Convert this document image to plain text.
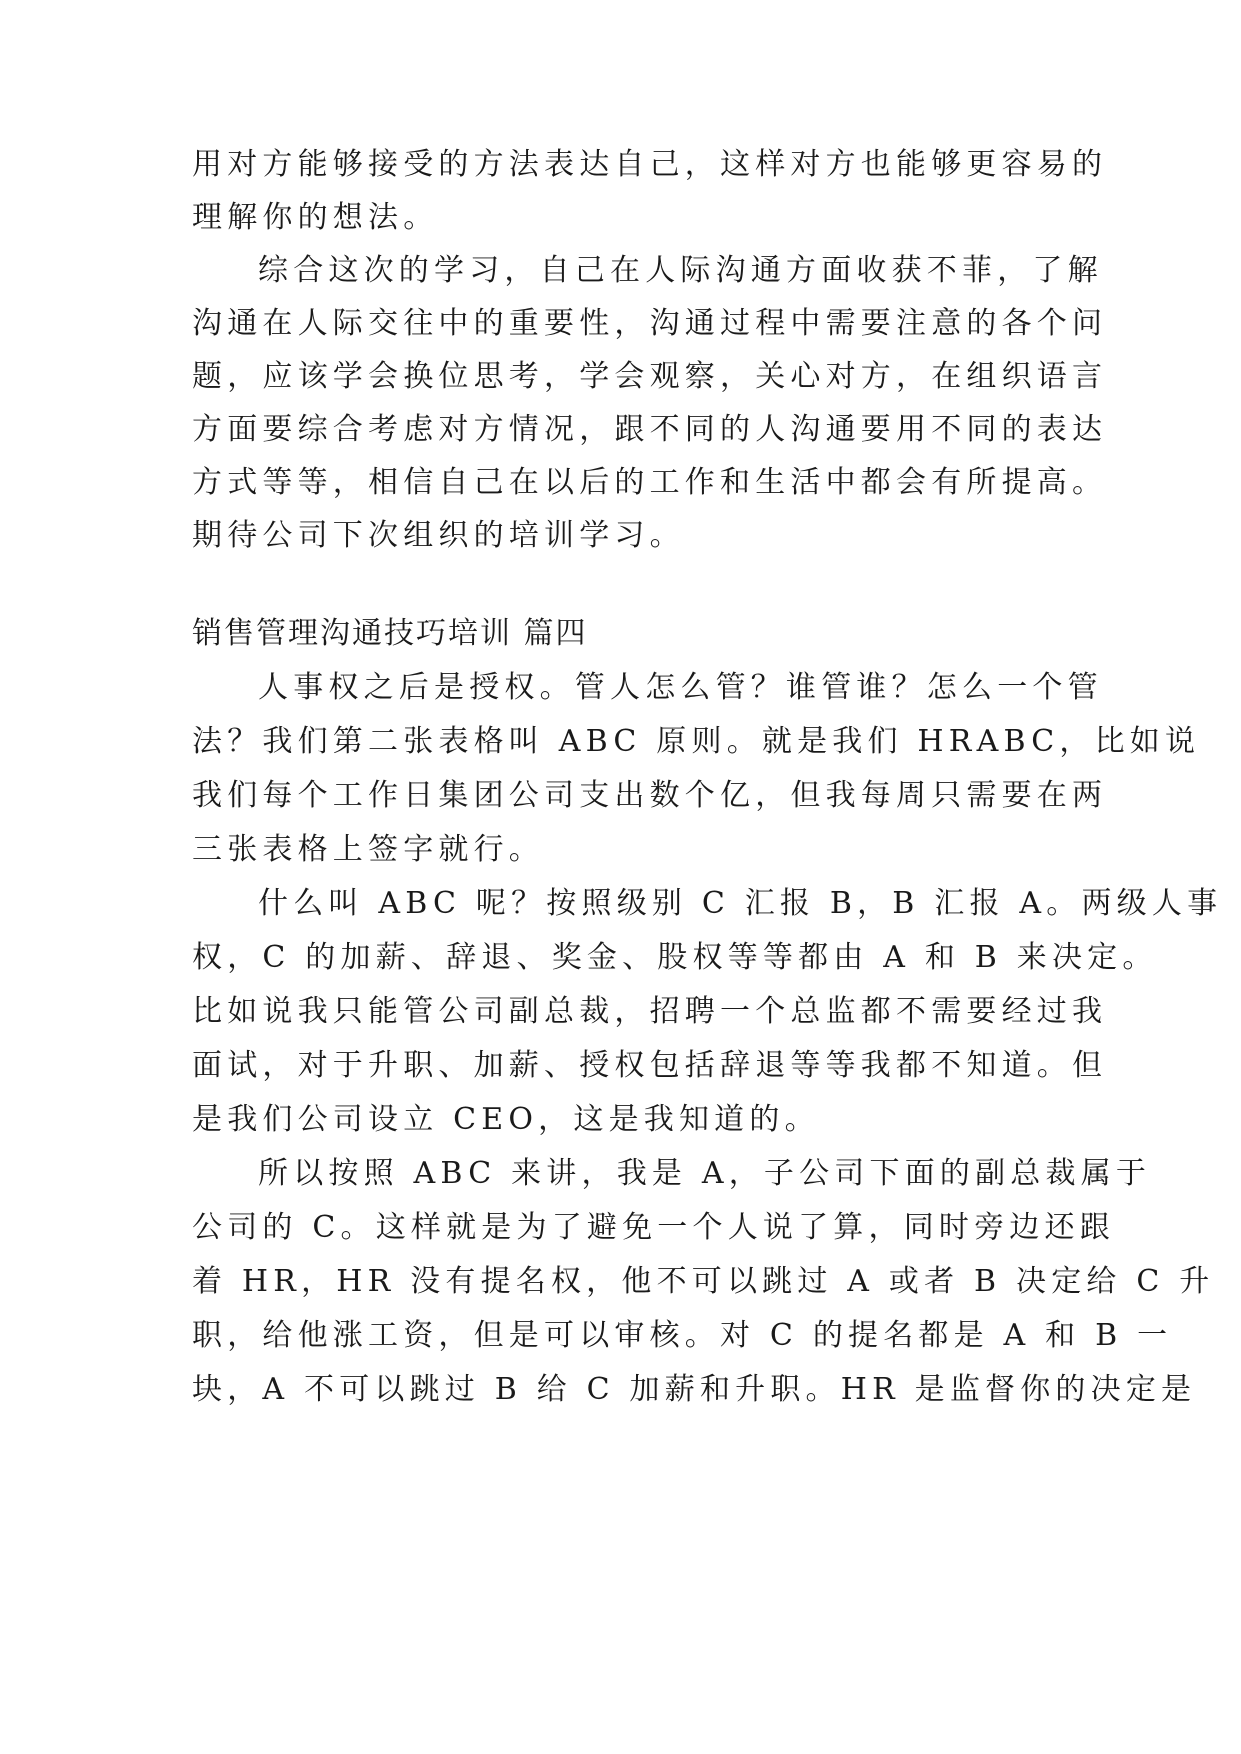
用对方能够接受的方法表达自己，这样对方也能够更容易的
理解你的想法。
综合这次的学习，自己在人际沟通方面收获不菲，了解
沟通在人际交往中的重要性，沟通过程中需要注意的各个问
题，应该学会换位思考，学会观察，关心对方，在组织语言
方面要综合考虑对方情况，跟不同的人沟通要用不同的表达
方式等等，相信自己在以后的工作和生活中都会有所提高。
期待公司下次组织的培训学习。
销售管理沟通技巧培训 篇四
人事权之后是授权。管人怎么管？谁管谁？怎么一个管
法？我们第二张表格叫 ABC 原则。就是我们 HRABC，比如说
我们每个工作日集团公司支出数个亿，但我每周只需要在两
三张表格上签字就行。
什么叫 ABC 呢？按照级别 C 汇报 B，B 汇报 A。两级人事
权，C 的加薪、辞退、奖金、股权等等都由 A 和 B 来决定。
比如说我只能管公司副总裁，招聘一个总监都不需要经过我
面试，对于升职、加薪、授权包括辞退等等我都不知道。但
是我们公司设立 CEO，这是我知道的。
所以按照 ABC 来讲，我是 A，子公司下面的副总裁属于
公司的 C。这样就是为了避免一个人说了算，同时旁边还跟
着 HR，HR 没有提名权，他不可以跳过 A 或者 B 决定给 C 升
职，给他涨工资，但是可以审核。对 C 的提名都是 A 和 B 一
块，A 不可以跳过 B 给 C 加薪和升职。HR 是监督你的决定是
